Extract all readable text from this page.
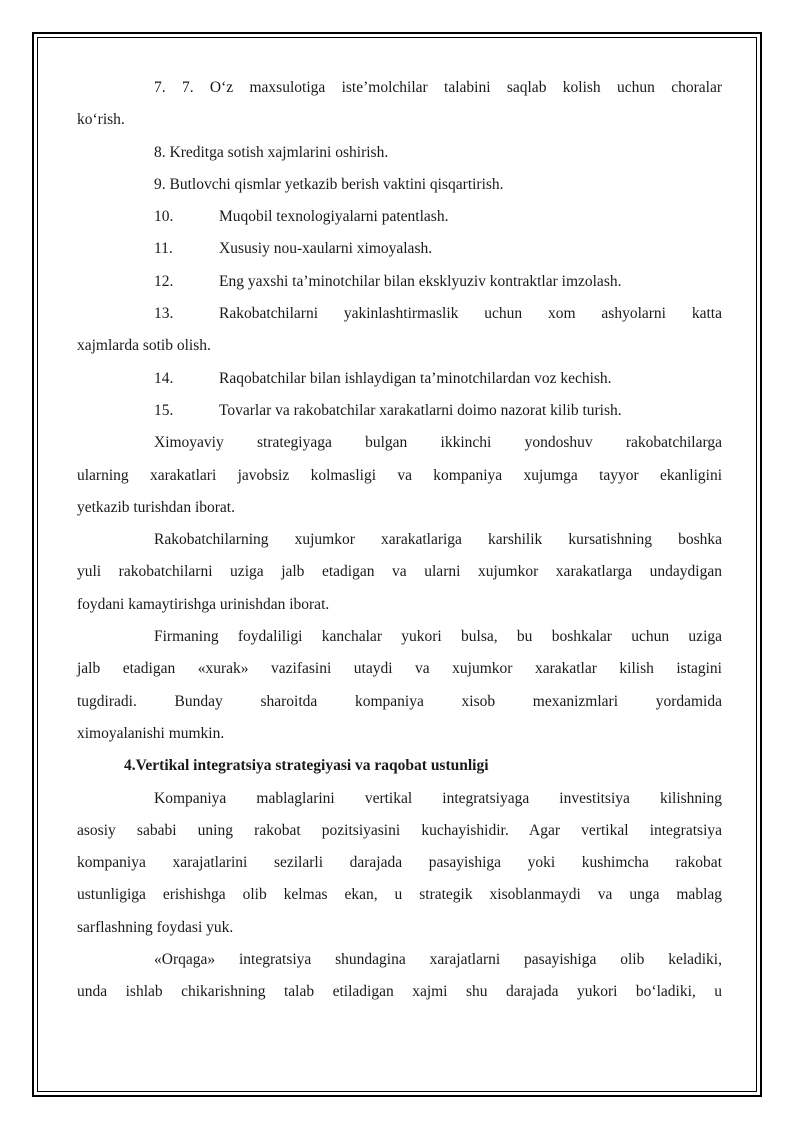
7. 7. O‘z maxsulotiga iste’molchilar talabini saqlab kolish uchun choralar
ko‘rish.
8. Kreditga sotish xajmlarini oshirish.
9. Butlovchi qismlar yetkazib berish vaktini qisqartirish.
10.	Muqobil texnologiyalarni patentlash.
11.	Xususiy nou-xaularni ximoyalash.
12.	Eng yaxshi ta’minotchilar bilan eksklyuziv kontraktlar imzolash.
13.	Rakobatchilarni yakinlashtirmaslik uchun xom ashyolarni katta
xajmlarda sotib olish.
14.	Raqobatchilar bilan ishlaydigan ta’minotchilardan voz kechish.
15.	Tovarlar va rakobatchilar xarakatlarni doimo nazorat kilib turish.
Ximoyaviy strategiyaga bulgan ikkinchi yondoshuv rakobatchilarga
ularning xarakatlari javobsiz kolmasligi va kompaniya xujumga tayyor ekanligini
yetkazib turishdan iborat.
Rakobatchilarning xujumkor xarakatlariga karshilik kursatishning boshka
yuli rakobatchilarni uziga jalb etadigan va ularni xujumkor xarakatlarga undaydigan
foydani kamaytirishga urinishdan iborat.
Firmaning foydaliligi kanchalar yukori bulsa, bu boshkalar uchun uziga
jalb etadigan «xurak» vazifasini utaydi va xujumkor xarakatlar kilish istagini
tugdiradi. Bunday sharoitda kompaniya xisob mexanizmlari yordamida
ximoyalanishi mumkin.
4.Vertikal integratsiya strategiyasi va raqobat ustunligi
Kompaniya mablaglarini vertikal integratsiyaga investitsiya kilishning
asosiy sababi uning rakobat pozitsiyasini kuchayishidir. Agar vertikal integratsiya
kompaniya xarajatlarini sezilarli darajada pasayishiga yoki kushimcha rakobat
ustunligiga erishishga olib kelmas ekan, u strategik xisoblanmaydi va unga mablag
sarflashning foydasi yuk.
«Orqaga» integratsiya shundagina xarajatlarni pasayishiga olib keladiki,
unda ishlab chikarishning talab etiladigan xajmi shu darajada yukori bo‘ladiki, u
